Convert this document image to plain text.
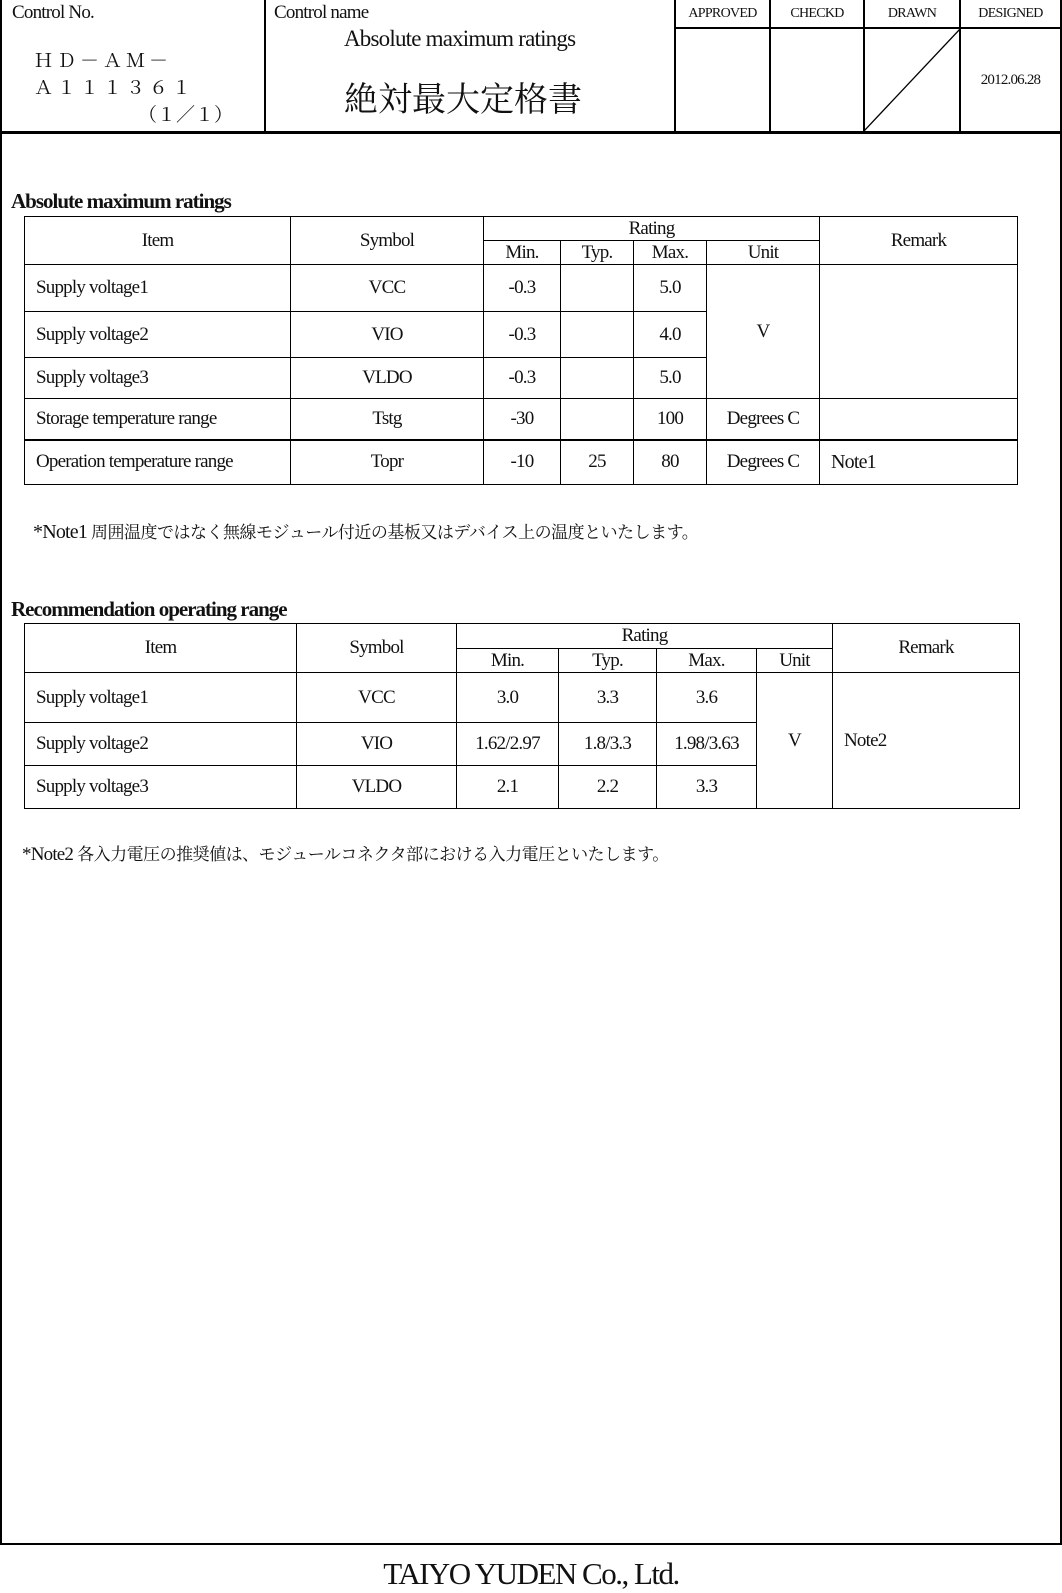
Control No.
ＨＤ－ＡＭ－
Ａ１１１３６１
（１／１）
Control name
Absolute maximum ratings
絶対最大定格書
APPROVED	CHECKD	DRAWN	DESIGNED
2012.06.28
Absolute maximum ratings
Item	Symbol	Rating				Remark
		Min.	Typ.	Max.	Unit	
Supply voltage1	VCC	-0.3		5.0	V	
Supply voltage2	VIO	-0.3		4.0		
Supply voltage3	VLDO	-0.3		5.0		
Storage temperature range	Tstg	-30		100	Degrees C	
Operation temperature range	Topr	-10	25	80	Degrees C	Note1
*Note1 周囲温度ではなく無線モジュール付近の基板又はデバイス上の温度といたします。
Recommendation operating range
Item	Symbol	Rating				Remark
		Min.	Typ.	Max.	Unit	
Supply voltage1	VCC	3.0	3.3	3.6	V	Note2
Supply voltage2	VIO	1.62/2.97	1.8/3.3	1.98/3.63		
Supply voltage3	VLDO	2.1	2.2	3.3		
*Note2 各入力電圧の推奨値は、モジュールコネクタ部における入力電圧といたします。
TAIYO YUDEN Co., Ltd.
